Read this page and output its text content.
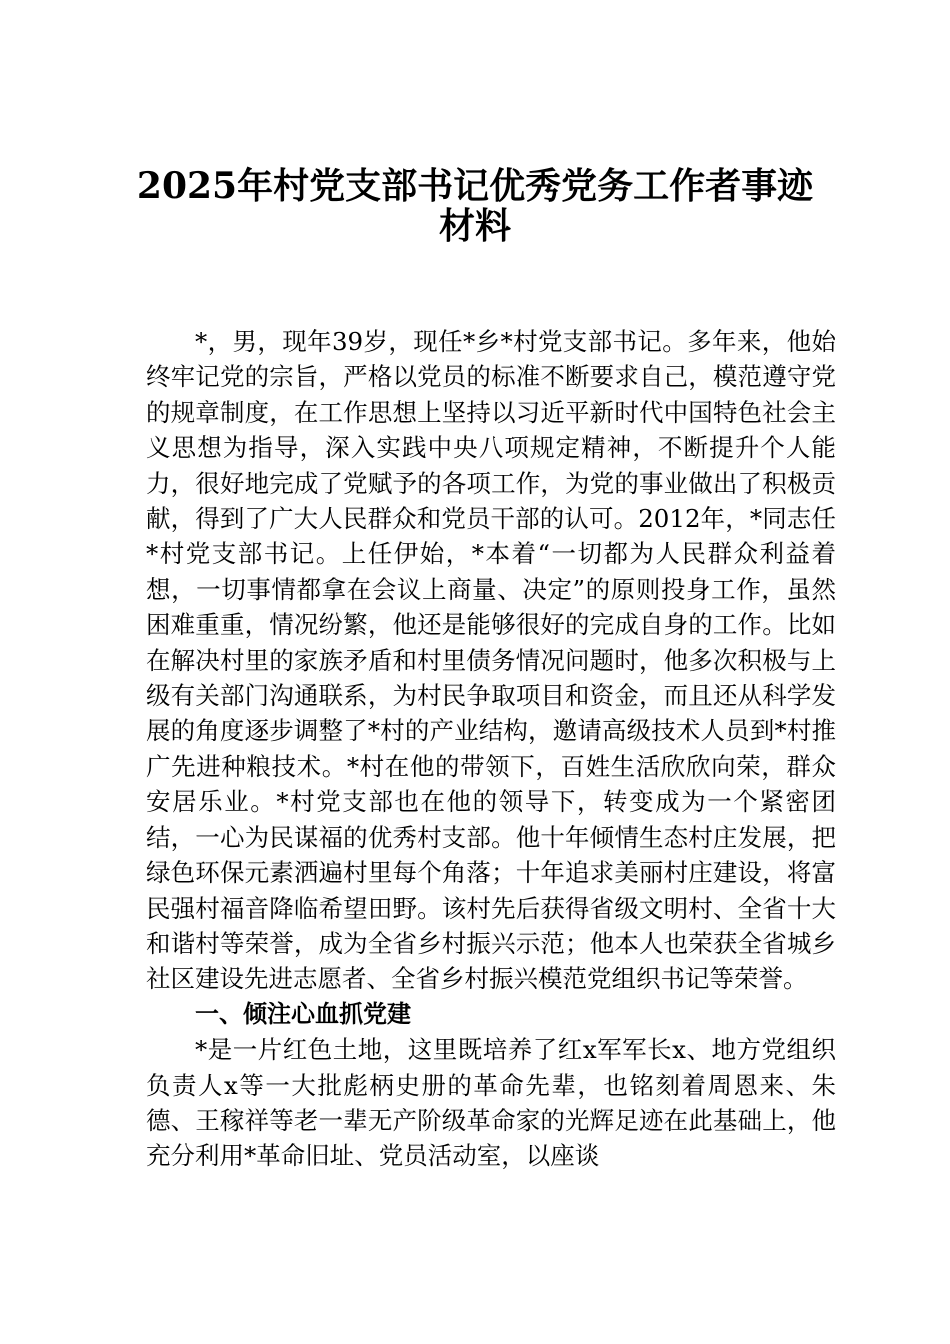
2025年村党支部书记优秀党务工作者事迹
材料

*，男，现年39岁，现任*乡*村党支部书记。多年来，他始终牢记党的宗旨，严格以党员的标准不断要求自己，模范遵守党的规章制度，在工作思想上坚持以习近平新时代中国特色社会主义思想为指导，深入实践中央八项规定精神，不断提升个人能力，很好地完成了党赋予的各项工作，为党的事业做出了积极贡献，得到了广大人民群众和党员干部的认可。2012年，*同志任*村党支部书记。上任伊始，*本着“一切都为人民群众利益着想，一切事情都拿在会议上商量、决定”的原则投身工作，虽然困难重重，情况纷繁，他还是能够很好的完成自身的工作。比如在解决村里的家族矛盾和村里债务情况问题时，他多次积极与上级有关部门沟通联系，为村民争取项目和资金，而且还从科学发展的角度逐步调整了*村的产业结构，邀请高级技术人员到*村推广先进种粮技术。*村在他的带领下，百姓生活欣欣向荣，群众安居乐业。*村党支部也在他的领导下，转变成为一个紧密团结，一心为民谋福的优秀村支部。他十年倾情生态村庄发展，把绿色环保元素洒遍村里每个角落；十年追求美丽村庄建设，将富民强村福音降临希望田野。该村先后获得省级文明村、全省十大和谐村等荣誉，成为全省乡村振兴示范；他本人也荣获全省城乡社区建设先进志愿者、全省乡村振兴模范党组织书记等荣誉。

一、倾注心血抓党建

*是一片红色土地，这里既培养了红x军军长x、地方党组织负责人x等一大批彪柄史册的革命先辈，也铭刻着周恩来、朱德、王稼祥等老一辈无产阶级革命家的光辉足迹在此基础上，他充分利用*革命旧址、党员活动室，以座谈
